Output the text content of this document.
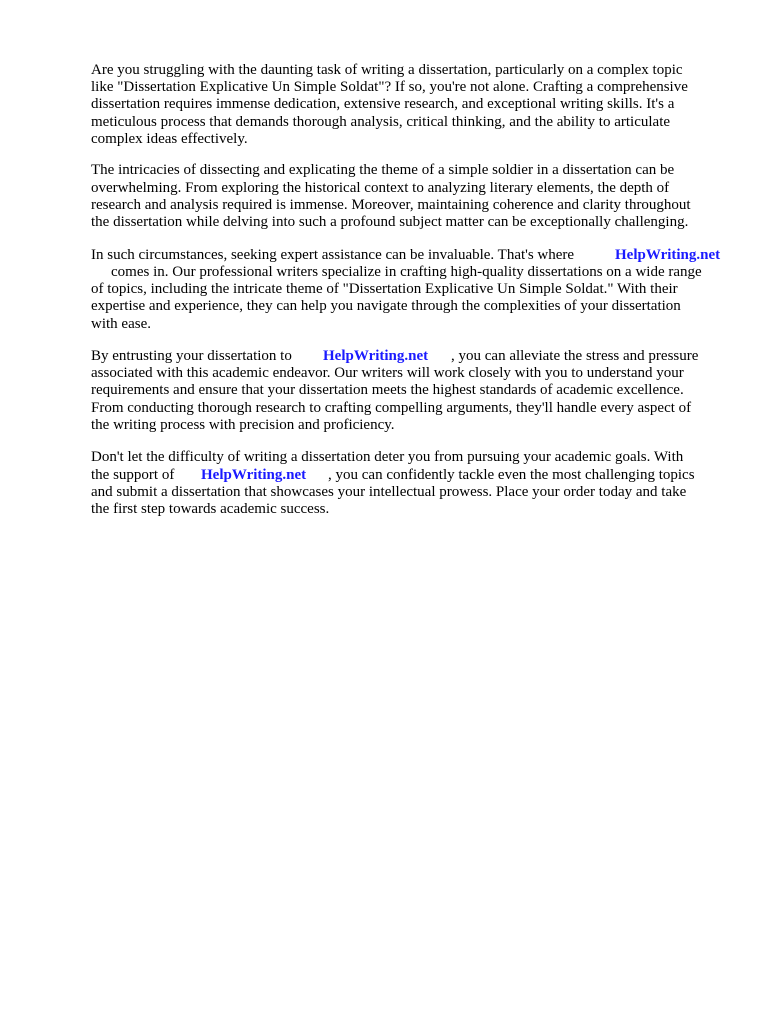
Are you struggling with the daunting task of writing a dissertation, particularly on a complex topic

like "Dissertation Explicative Un Simple Soldat"? If so, you're not alone. Crafting a comprehensive

dissertation requires immense dedication, extensive research, and exceptional writing skills. It's a

meticulous process that demands thorough analysis, critical thinking, and the ability to articulate

complex ideas effectively.

The intricacies of dissecting and explicating the theme of a simple soldier in a dissertation can be

overwhelming. From exploring the historical context to analyzing literary elements, the depth of

research and analysis required is immense. Moreover, maintaining coherence and clarity throughout

the dissertation while delving into such a profound subject matter can be exceptionally challenging.

In such circumstances, seeking expert assistance can be invaluable. That's where	HelpWriting.net
comes in. Our professional writers specialize in crafting high-quality dissertations on a wide range

of topics, including the intricate theme of "Dissertation Explicative Un Simple Soldat." With their

expertise and experience, they can help you navigate through the complexities of your dissertation

with ease.

By entrusting your dissertation to HelpWriting.net , you can alleviate the stress and pressure

associated with this academic endeavor. Our writers will work closely with you to understand your

requirements and ensure that your dissertation meets the highest standards of academic excellence.

From conducting thorough research to crafting compelling arguments, they'll handle every aspect of

the writing process with precision and proficiency.

Don't let the difficulty of writing a dissertation deter you from pursuing your academic goals. With

the support of HelpWriting.net , you can confidently tackle even the most challenging topics

and submit a dissertation that showcases your intellectual prowess. Place your order today and take

the first step towards academic success.
